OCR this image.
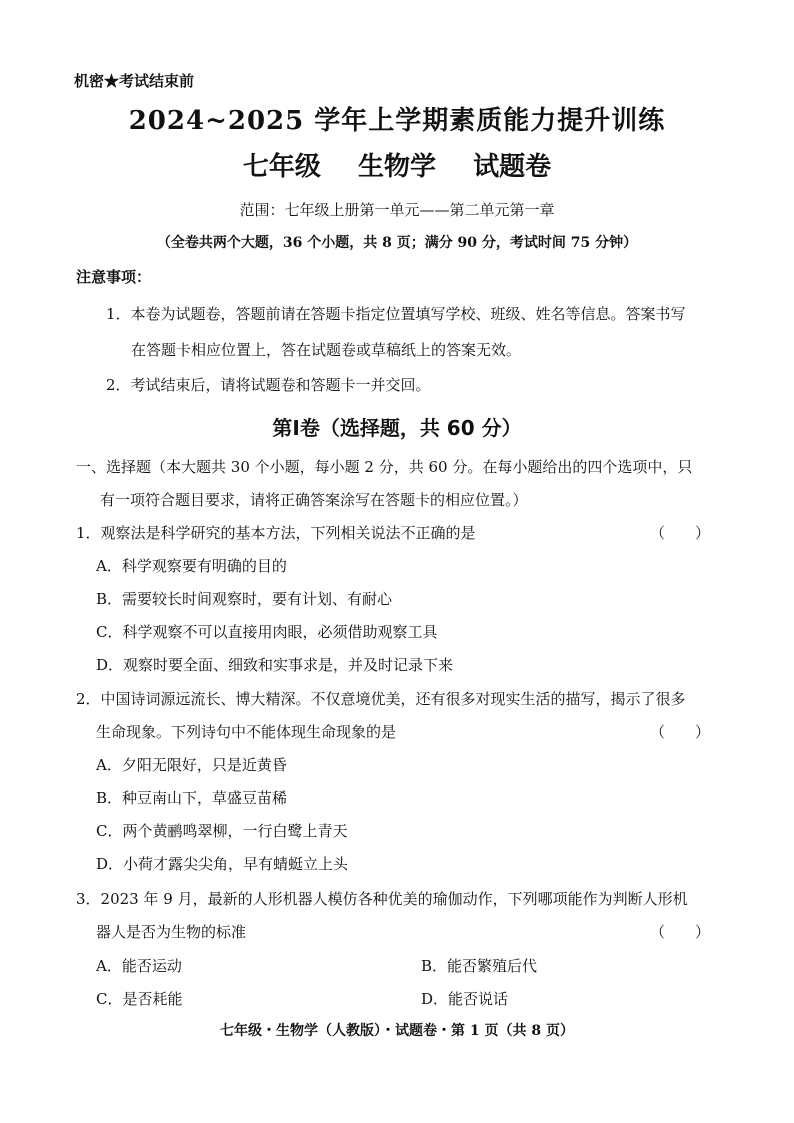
机密★考试结束前
2024~2025 学年上学期素质能力提升训练
七年级 生物学 试题卷
范围：七年级上册第一单元——第二单元第一章
（全卷共两个大题，36 个小题，共 8 页；满分 90 分，考试时间 75 分钟）
注意事项：
1．本卷为试题卷，答题前请在答题卡指定位置填写学校、班级、姓名等信息。答案书写
在答题卡相应位置上，答在试题卷或草稿纸上的答案无效。
2．考试结束后，请将试题卷和答题卡一并交回。
第Ⅰ卷（选择题，共 60 分）
一、选择题（本大题共 30 个小题，每小题 2 分，共 60 分。在每小题给出的四个选项中，只
有一项符合题目要求，请将正确答案涂写在答题卡的相应位置。）
1．观察法是科学研究的基本方法，下列相关说法不正确的是	（　　）
A．科学观察要有明确的目的
B．需要较长时间观察时，要有计划、有耐心
C．科学观察不可以直接用肉眼，必须借助观察工具
D．观察时要全面、细致和实事求是，并及时记录下来
2．中国诗词源远流长、博大精深。不仅意境优美，还有很多对现实生活的描写，揭示了很多
生命现象。下列诗句中不能体现生命现象的是	（　　）
A．夕阳无限好，只是近黄昏
B．种豆南山下，草盛豆苗稀
C．两个黄鹂鸣翠柳，一行白鹭上青天
D．小荷才露尖尖角，早有蜻蜓立上头
3．2023 年 9 月，最新的人形机器人模仿各种优美的瑜伽动作，下列哪项能作为判断人形机
器人是否为生物的标准	（　　）
A．能否运动	B．能否繁殖后代
C．是否耗能	D．能否说话
七年级・生物学（人教版）・试题卷・第 1 页（共 8 页）
